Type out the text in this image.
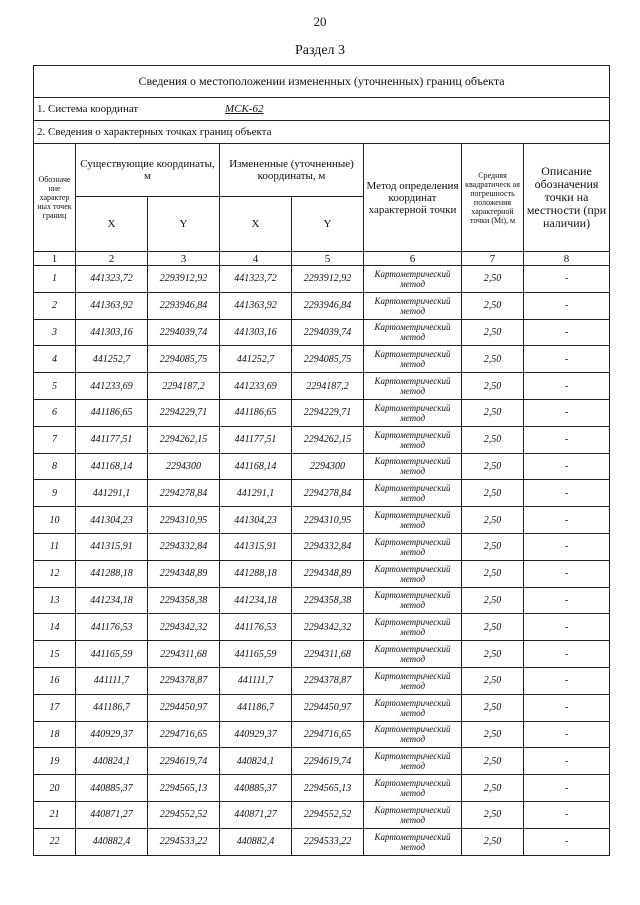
20
Раздел 3
Сведения о местоположении измененных (уточненных) границ объекта							
1. Система координат МСК-62							
2. Сведения о характерных точках границ объекта							
Обозначе ние характер ных точек границ	Существующие координаты, м		Измененные (уточненные) координаты, м		Метод определения координат характерной точки	Средняя квадратическ ая погрешность положения характерной точки (Mt), м	Описание обозначения точки на местности (при наличии)
	X	Y	X	Y			
1	2	3	4	5	6	7	8
1	441323,72	2293912,92	441323,72	2293912,92	Картометрический метод	2,50	-
2	441363,92	2293946,84	441363,92	2293946,84	Картометрический метод	2,50	-
3	441303,16	2294039,74	441303,16	2294039,74	Картометрический метод	2,50	-
4	441252,7	2294085,75	441252,7	2294085,75	Картометрический метод	2,50	-
5	441233,69	2294187,2	441233,69	2294187,2	Картометрический метод	2,50	-
6	441186,65	2294229,71	441186,65	2294229,71	Картометрический метод	2,50	-
7	441177,51	2294262,15	441177,51	2294262,15	Картометрический метод	2,50	-
8	441168,14	2294300	441168,14	2294300	Картометрический метод	2,50	-
9	441291,1	2294278,84	441291,1	2294278,84	Картометрический метод	2,50	-
10	441304,23	2294310,95	441304,23	2294310,95	Картометрический метод	2,50	-
11	441315,91	2294332,84	441315,91	2294332,84	Картометрический метод	2,50	-
12	441288,18	2294348,89	441288,18	2294348,89	Картометрический метод	2,50	-
13	441234,18	2294358,38	441234,18	2294358,38	Картометрический метод	2,50	-
14	441176,53	2294342,32	441176,53	2294342,32	Картометрический метод	2,50	-
15	441165,59	2294311,68	441165,59	2294311,68	Картометрический метод	2,50	-
16	441111,7	2294378,87	441111,7	2294378,87	Картометрический метод	2,50	-
17	441186,7	2294450,97	441186,7	2294450,97	Картометрический метод	2,50	-
18	440929,37	2294716,65	440929,37	2294716,65	Картометрический метод	2,50	-
19	440824,1	2294619,74	440824,1	2294619,74	Картометрический метод	2,50	-
20	440885,37	2294565,13	440885,37	2294565,13	Картометрический метод	2,50	-
21	440871,27	2294552,52	440871,27	2294552,52	Картометрический метод	2,50	-
22	440882,4	2294533,22	440882,4	2294533,22	Картометрический метод	2,50	-
